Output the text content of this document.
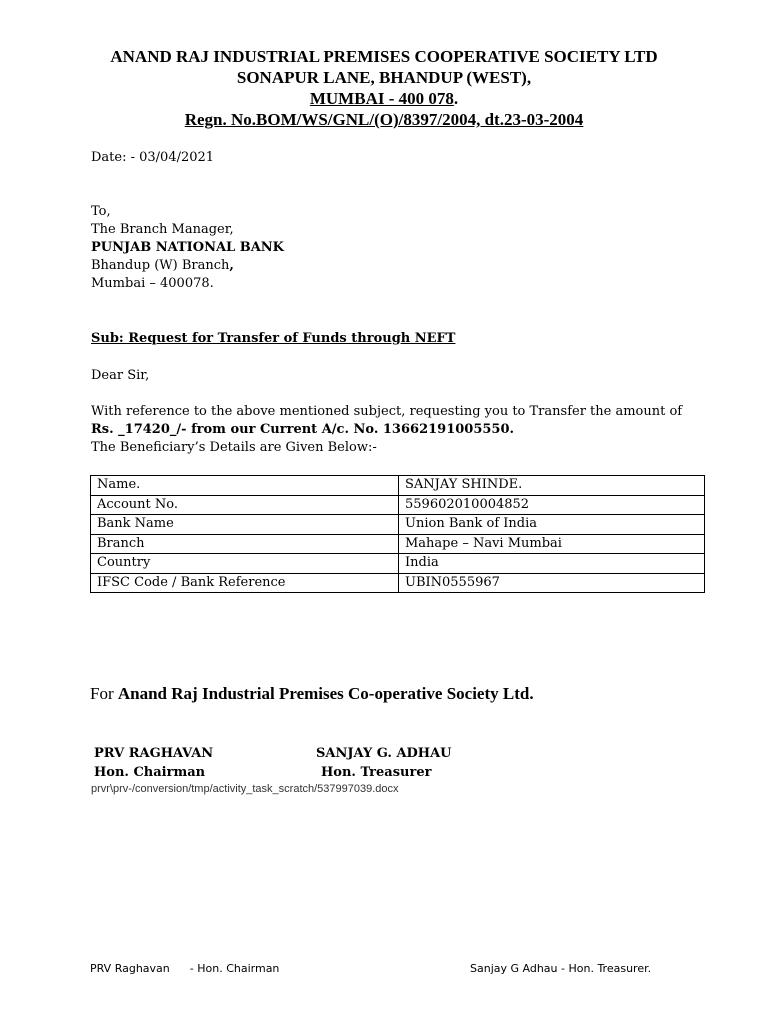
ANAND RAJ INDUSTRIAL PREMISES COOPERATIVE SOCIETY LTD
SONAPUR LANE, BHANDUP (WEST),
MUMBAI - 400 078.
Regn. No.BOM/WS/GNL/(O)/8397/2004, dt.23-03-2004
Date: - 03/04/2021
To,
The Branch Manager,
PUNJAB NATIONAL BANK
Bhandup (W) Branch,
Mumbai – 400078.
Sub: Request for Transfer of Funds through NEFT
Dear Sir,
With reference to the above mentioned subject, requesting you to Transfer the amount of
Rs. _17420_/- from our Current A/c. No. 13662191005550.
The Beneficiary’s Details are Given Below:-
Name.	SANJAY SHINDE.
Account No.	559602010004852
Bank Name	Union Bank of India
Branch	Mahape – Navi Mumbai
Country	India
IFSC Code / Bank Reference	UBIN0555967
For Anand Raj Industrial Premises Co-operative Society Ltd.
PRV RAGHAVAN
Hon. Chairman
SANJAY G. ADHAU
Hon. Treasurer
prvr\prv-/conversion/tmp/activity_task_scratch/537997039.docx
PRV Raghavan - Hon. Chairman	Sanjay G Adhau - Hon. Treasurer.
